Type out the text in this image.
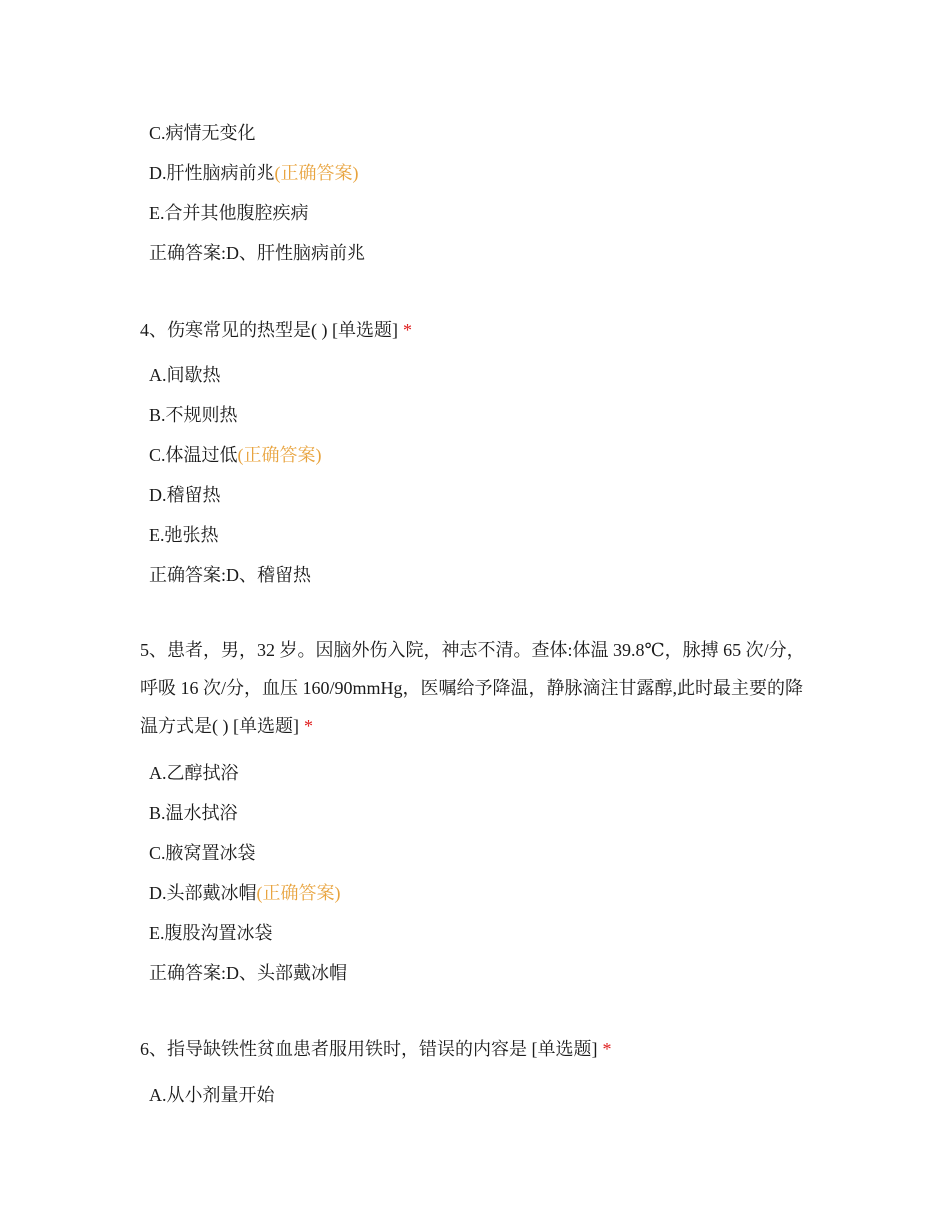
C.病情无变化
D.肝性脑病前兆(正确答案)
E.合并其他腹腔疾病
正确答案:D、肝性脑病前兆
4、伤寒常见的热型是( ) [单选题] *
A.间歇热
B.不规则热
C.体温过低(正确答案)
D.稽留热
E.弛张热
正确答案:D、稽留热
5、患者，男，32 岁。因脑外伤入院，神志不清。查体:体温 39.8℃，脉搏 65 次/分，呼吸 16 次/分，血压 160/90mmHg，医嘱给予降温，静脉滴注甘露醇,此时最主要的降温方式是( ) [单选题] *
A.乙醇拭浴
B.温水拭浴
C.腋窝置冰袋
D.头部戴冰帽(正确答案)
E.腹股沟置冰袋
正确答案:D、头部戴冰帽
6、指导缺铁性贫血患者服用铁时，错误的内容是 [单选题] *
A.从小剂量开始
